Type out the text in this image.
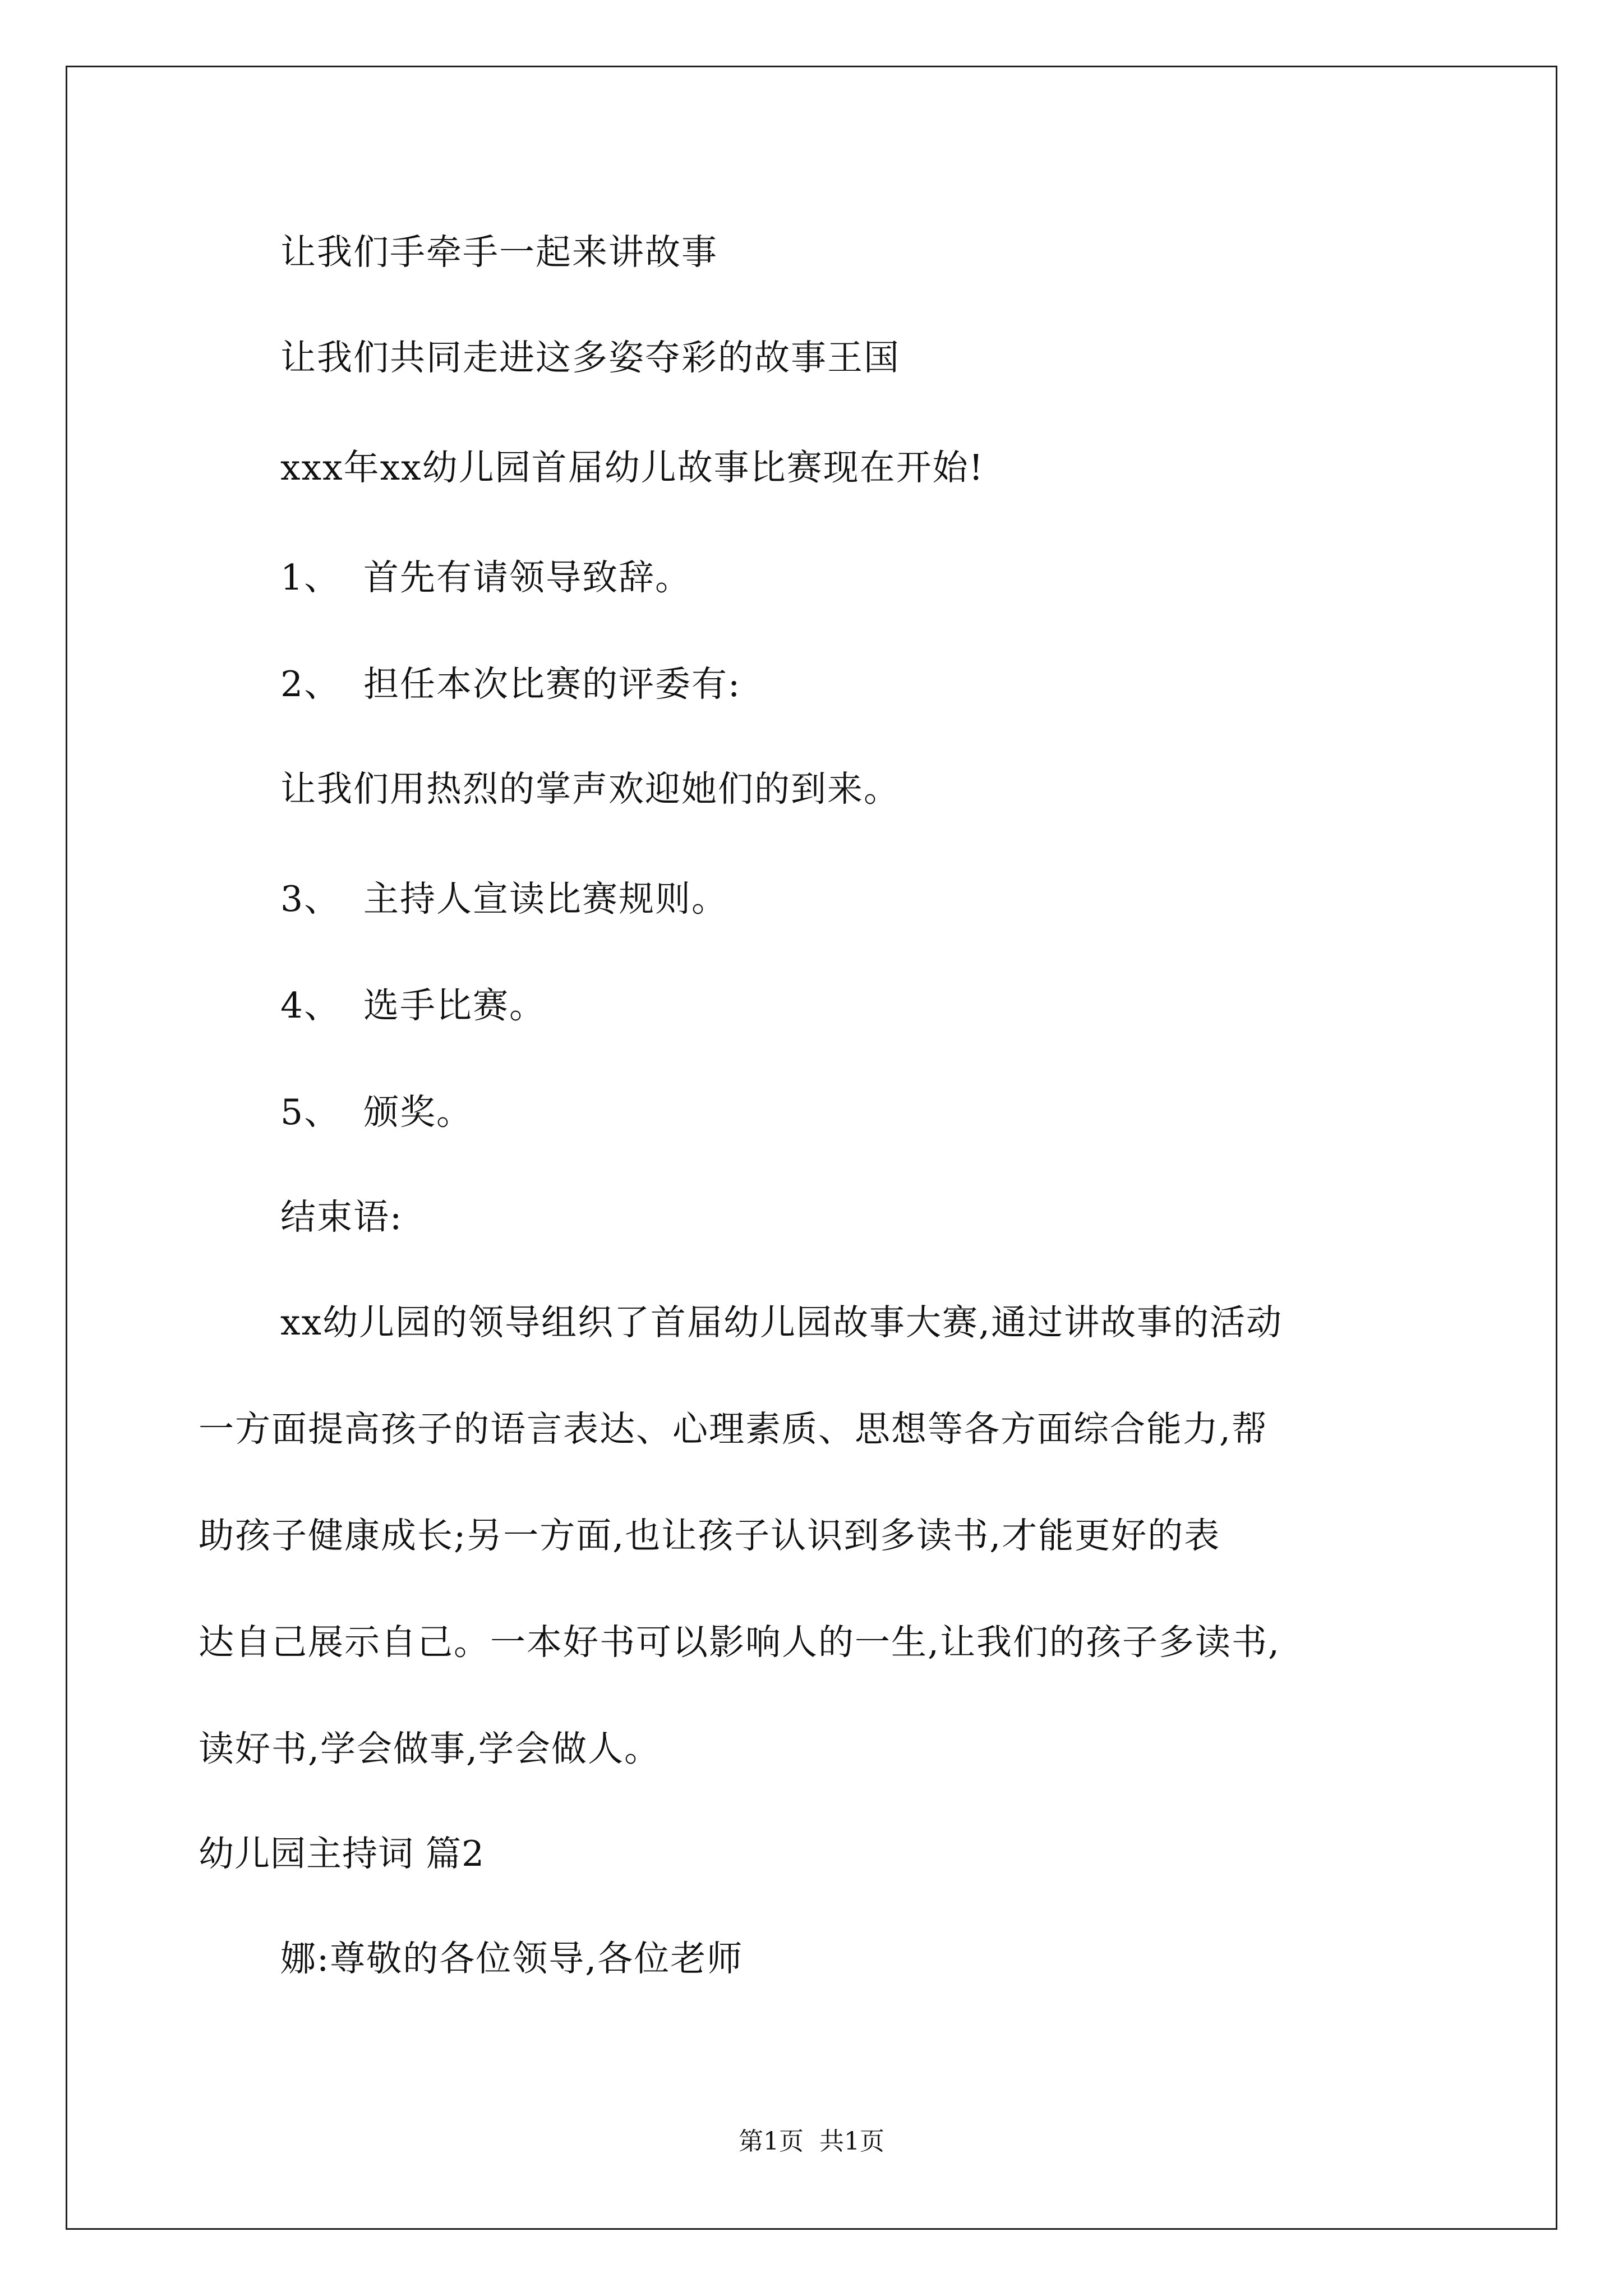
让我们手牵手一起来讲故事

让我们共同走进这多姿夺彩的故事王国

xxx年xx幼儿园首届幼儿故事比赛现在开始!

1、 首先有请领导致辞。

2、 担任本次比赛的评委有:

让我们用热烈的掌声欢迎她们的到来。

3、 主持人宣读比赛规则。

4、 选手比赛。

5、 颁奖。

结束语:

xx幼儿园的领导组织了首届幼儿园故事大赛,通过讲故事的活动

一方面提高孩子的语言表达、心理素质、思想等各方面综合能力,帮

助孩子健康成长;另一方面,也让孩子认识到多读书,才能更好的表

达自己展示自己。一本好书可以影响人的一生,让我们的孩子多读书,

读好书,学会做事,学会做人。

幼儿园主持词 篇2

娜:尊敬的各位领导,各位老师

第1页 共1页
